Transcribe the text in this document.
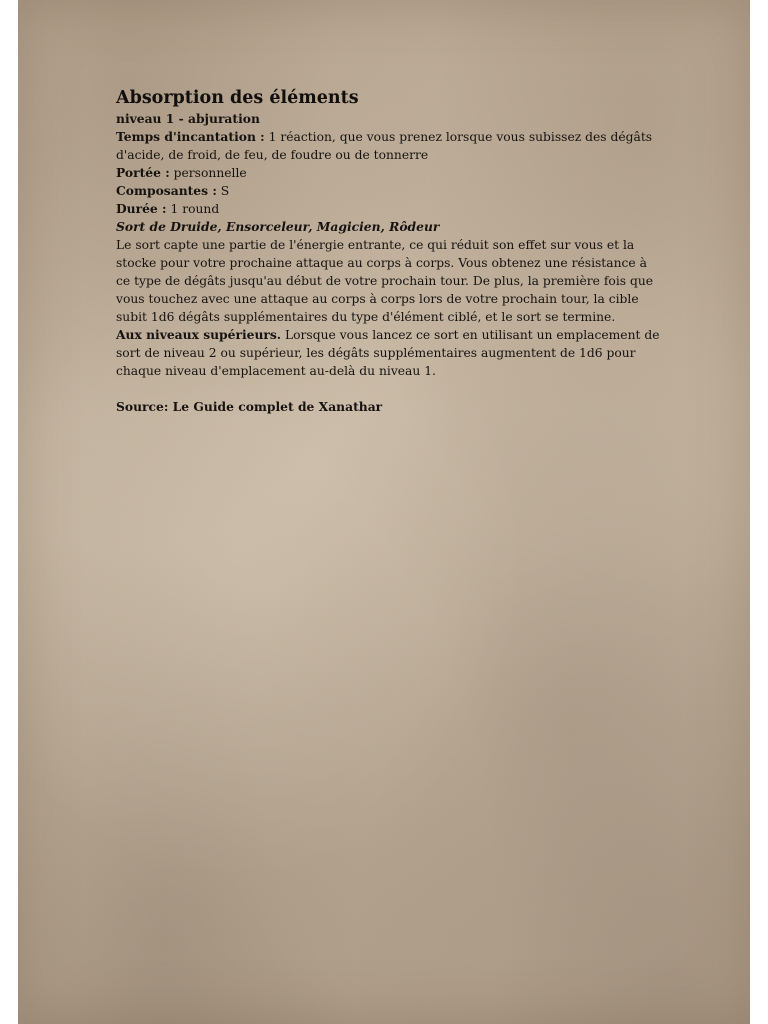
Absorption des éléments
niveau 1 - abjuration
Temps d'incantation : 1 réaction, que vous prenez lorsque vous subissez des dégâts d'acide, de froid, de feu, de foudre ou de tonnerre
Portée : personnelle
Composantes : S
Durée : 1 round
Sort de Druide, Ensorceleur, Magicien, Rôdeur
Le sort capte une partie de l'énergie entrante, ce qui réduit son effet sur vous et la stocke pour votre prochaine attaque au corps à corps. Vous obtenez une résistance à ce type de dégâts jusqu'au début de votre prochain tour. De plus, la première fois que vous touchez avec une attaque au corps à corps lors de votre prochain tour, la cible subit 1d6 dégâts supplémentaires du type d'élément ciblé, et le sort se termine.
Aux niveaux supérieurs. Lorsque vous lancez ce sort en utilisant un emplacement de sort de niveau 2 ou supérieur, les dégâts supplémentaires augmentent de 1d6 pour chaque niveau d'emplacement au-delà du niveau 1.
Source: Le Guide complet de Xanathar
